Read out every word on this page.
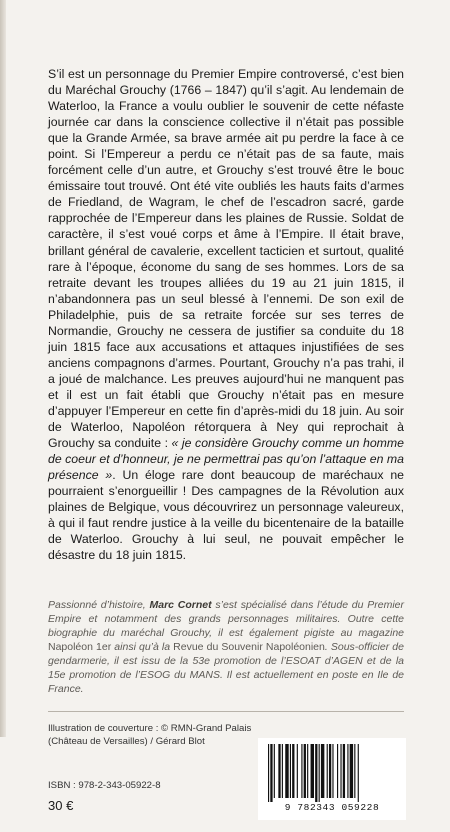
S’il est un personnage du Premier Empire controversé, c’est bien du Maréchal Grouchy (1766 – 1847) qu’il s’agit. Au lendemain de Waterloo, la France a voulu oublier le souvenir de cette néfaste journée car dans la conscience collective il n’était pas possible que la Grande Armée, sa brave armée ait pu perdre la face à ce point. Si l’Empereur a perdu ce n’était pas de sa faute, mais forcément celle d’un autre, et Grouchy s’est trouvé être le bouc émissaire tout trouvé. Ont été vite oubliés les hauts faits d’armes de Friedland, de Wagram, le chef de l’escadron sacré, garde rapprochée de l’Empereur dans les plaines de Russie. Soldat de caractère, il s’est voué corps et âme à l’Empire. Il était brave, brillant général de cavalerie, excellent tacticien et surtout, qualité rare à l’époque, économe du sang de ses hommes. Lors de sa retraite devant les troupes alliées du 19 au 21 juin 1815, il n’abandonnera pas un seul blessé à l’ennemi. De son exil de Philadelphie, puis de sa retraite forcée sur ses terres de Normandie, Grouchy ne cessera de justifier sa conduite du 18 juin 1815 face aux accusations et attaques injustifiées de ses anciens compagnons d’armes. Pourtant, Grouchy n’a pas trahi, il a joué de malchance. Les preuves aujourd’hui ne manquent pas et il est un fait établi que Grouchy n’était pas en mesure d’appuyer l’Empereur en cette fin d’après-midi du 18 juin. Au soir de Waterloo, Napoléon rétorquera à Ney qui reprochait à Grouchy sa conduite : « je considère Grouchy comme un homme de coeur et d’honneur, je ne permettrai pas qu’on l’attaque en ma présence ». Un éloge rare dont beaucoup de maréchaux ne pourraient s’enorgueillir ! Des campagnes de la Révolution aux plaines de Belgique, vous découvrirez un personnage valeureux, à qui il faut rendre justice à la veille du bicentenaire de la bataille de Waterloo. Grouchy à lui seul, ne pouvait empêcher le désastre du 18 juin 1815.

Passionné d’histoire, Marc Cornet s’est spécialisé dans l’étude du Premier Empire et notamment des grands personnages militaires. Outre cette biographie du maréchal Grouchy, il est également pigiste au magazine Napoléon 1er ainsi qu’à la Revue du Souvenir Napoléonien. Sous-officier de gendarmerie, il est issu de la 53e promotion de l’ESOAT d’AGEN et de la 15e promotion de l’ESOG du MANS. Il est actuellement en poste en Ile de France.

Illustration de couverture : © RMN-Grand Palais
(Château de Versailles) / Gérard Blot
ISBN : 978-2-343-05922-8
30 €	9 782343 059228
